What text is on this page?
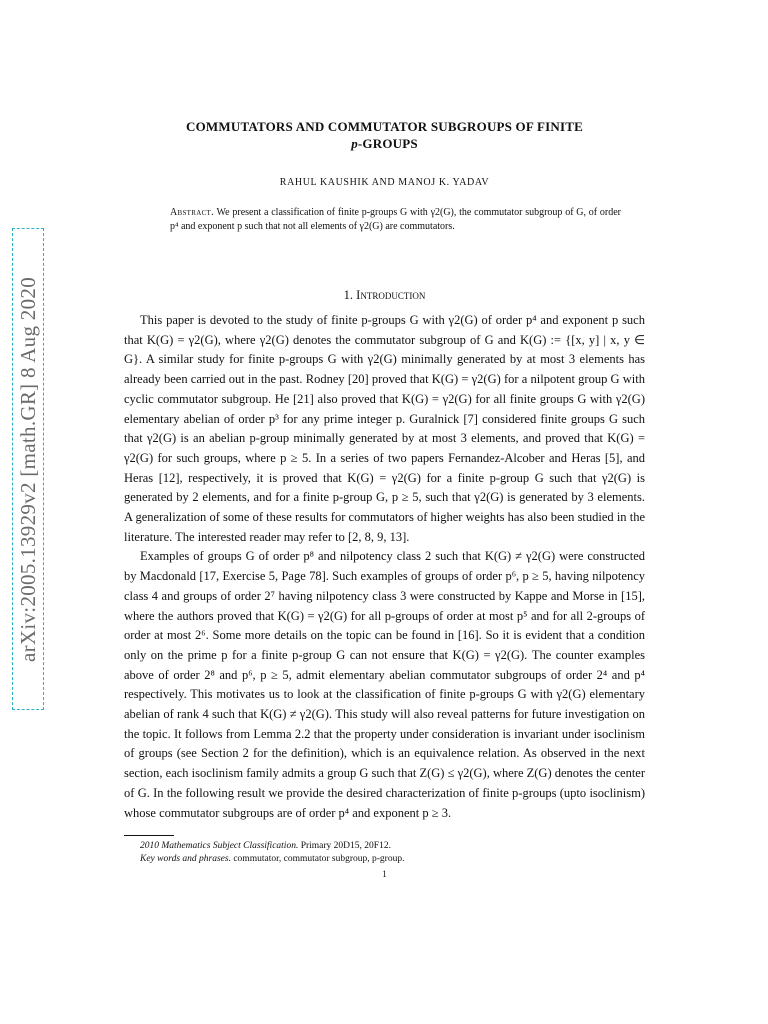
arXiv:2005.13929v2 [math.GR] 8 Aug 2020
COMMUTATORS AND COMMUTATOR SUBGROUPS OF FINITE
p-GROUPS
RAHUL KAUSHIK AND MANOJ K. YADAV
Abstract. We present a classification of finite p-groups G with γ2(G), the commutator subgroup of G, of order p⁴ and exponent p such that not all elements of γ2(G) are commutators.
1. Introduction

This paper is devoted to the study of finite p-groups G with γ2(G) of order p⁴ and exponent p such that K(G) = γ2(G), where γ2(G) denotes the commutator subgroup of G and K(G) := {[x, y] | x, y ∈ G}. A similar study for finite p-groups G with γ2(G) minimally generated by at most 3 elements has already been carried out in the past. Rodney [20] proved that K(G) = γ2(G) for a nilpotent group G with cyclic commutator subgroup. He [21] also proved that K(G) = γ2(G) for all finite groups G with γ2(G) elementary abelian of order p³ for any prime integer p. Guralnick [7] considered finite groups G such that γ2(G) is an abelian p-group minimally generated by at most 3 elements, and proved that K(G) = γ2(G) for such groups, where p ≥ 5. In a series of two papers Fernandez-Alcober and Heras [5], and Heras [12], respectively, it is proved that K(G) = γ2(G) for a finite p-group G such that γ2(G) is generated by 2 elements, and for a finite p-group G, p ≥ 5, such that γ2(G) is generated by 3 elements. A generalization of some of these results for commutators of higher weights has also been studied in the literature. The interested reader may refer to [2, 8, 9, 13].

Examples of groups G of order p⁸ and nilpotency class 2 such that K(G) ≠ γ2(G) were constructed by Macdonald [17, Exercise 5, Page 78]. Such examples of groups of order p⁶, p ≥ 5, having nilpotency class 4 and groups of order 2⁷ having nilpotency class 3 were constructed by Kappe and Morse in [15], where the authors proved that K(G) = γ2(G) for all p-groups of order at most p⁵ and for all 2-groups of order at most 2⁶. Some more details on the topic can be found in [16]. So it is evident that a condition only on the prime p for a finite p-group G can not ensure that K(G) = γ2(G). The counter examples above of order 2⁸ and p⁶, p ≥ 5, admit elementary abelian commutator subgroups of order 2⁴ and p⁴ respectively. This motivates us to look at the classification of finite p-groups G with γ2(G) elementary abelian of rank 4 such that K(G) ≠ γ2(G). This study will also reveal patterns for future investigation on the topic. It follows from Lemma 2.2 that the property under consideration is invariant under isoclinism of groups (see Section 2 for the definition), which is an equivalence relation. As observed in the next section, each isoclinism family admits a group G such that Z(G) ≤ γ2(G), where Z(G) denotes the center of G. In the following result we provide the desired characterization of finite p-groups (upto isoclinism) whose commutator subgroups are of order p⁴ and exponent p ≥ 3.

2010 Mathematics Subject Classification. Primary 20D15, 20F12.
Key words and phrases. commutator, commutator subgroup, p-group.
1
